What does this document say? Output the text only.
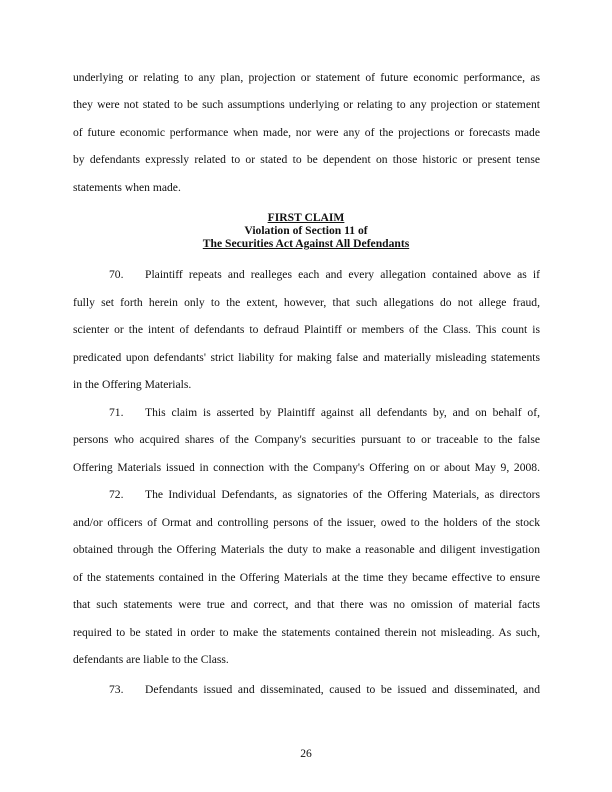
underlying or relating to any plan, projection or statement of future economic performance, as
they were not stated to be such assumptions underlying or relating to any projection or statement
of future economic performance when made, nor were any of the projections or forecasts made
by defendants expressly related to or stated to be dependent on those historic or present tense
statements when made.
FIRST CLAIM
Violation of Section 11 of
The Securities Act Against All Defendants
70.	Plaintiff repeats and realleges each and every allegation contained above as if
fully set forth herein only to the extent, however, that such allegations do not allege fraud,
scienter or the intent of defendants to defraud Plaintiff or members of the Class. This count is
predicated upon defendants' strict liability for making false and materially misleading statements
in the Offering Materials.
71.	This claim is asserted by Plaintiff against all defendants by, and on behalf of,
persons who acquired shares of the Company's securities pursuant to or traceable to the false
Offering Materials issued in connection with the Company's Offering on or about May 9, 2008.
72.	The Individual Defendants, as signatories of the Offering Materials, as directors
and/or officers of Ormat and controlling persons of the issuer, owed to the holders of the stock
obtained through the Offering Materials the duty to make a reasonable and diligent investigation
of the statements contained in the Offering Materials at the time they became effective to ensure
that such statements were true and correct, and that there was no omission of material facts
required to be stated in order to make the statements contained therein not misleading. As such,
defendants are liable to the Class.
73.	Defendants issued and disseminated, caused to be issued and disseminated, and
26
